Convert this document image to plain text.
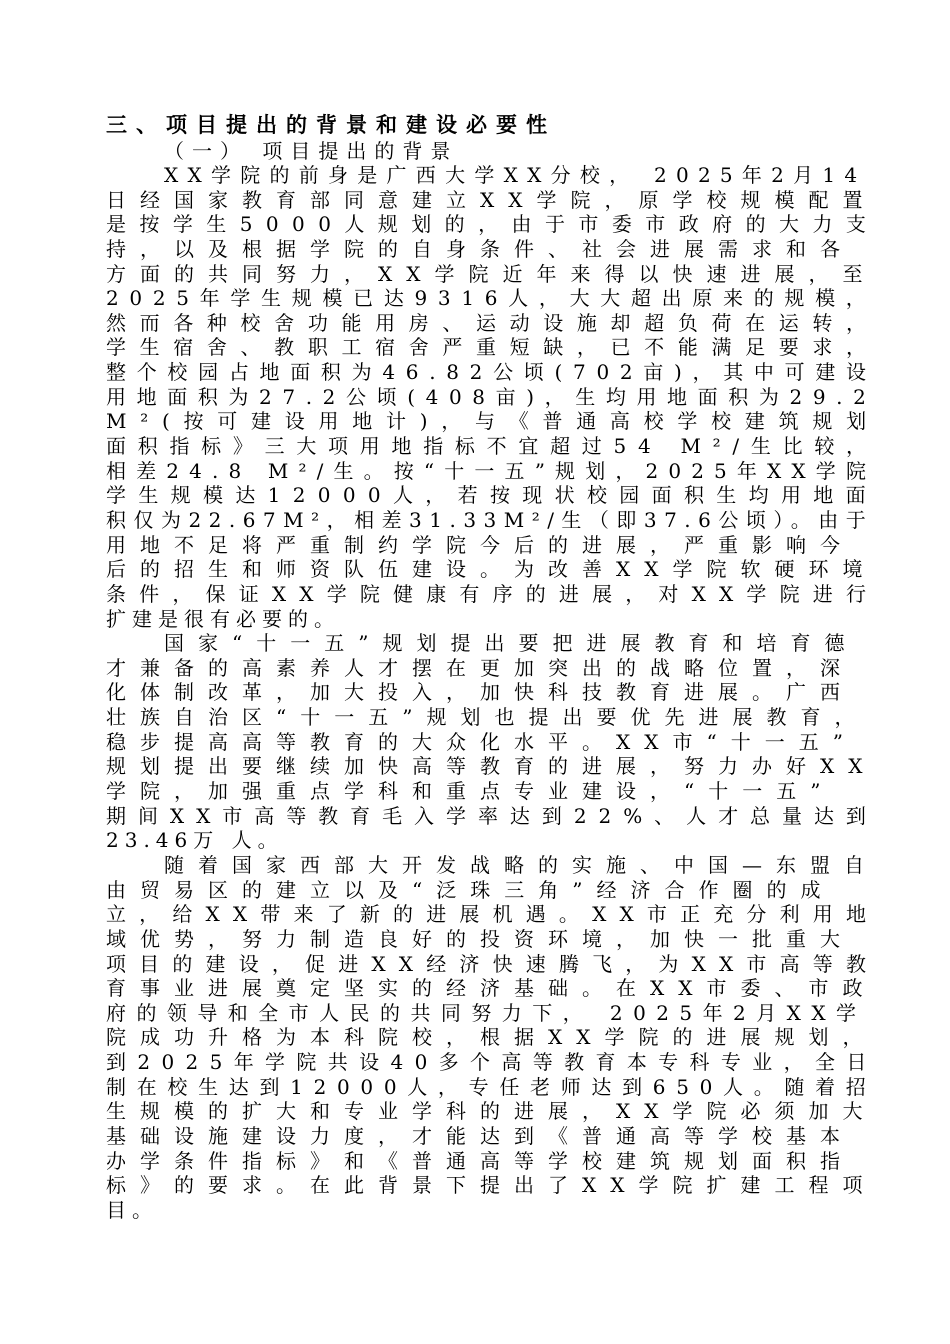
三、项目提出的背景和建设必要性
（一） 项目提出的背景
XX学院的前身是广西大学XX分校， 2025年2月14
日经国家教育部同意建立XX学院，原学校规模配置
是按学生5000人规划的，由于市委市政府的大力支
持，以及根据学院的自身条件、社会进展需求和各
方面的共同努力，XX学院近年来得以快速进展，至
2025年学生规模已达9316人，大大超出原来的规模，
然而各种校舍功能用房、运动设施却超负荷在运转，
学生宿舍、教职工宿舍严重短缺，已不能满足要求，
整个校园占地面积为46.82公顷(702亩)，其中可建设
用地面积为27.2公顷(408亩)，生均用地面积为29.2
M²(按可建设用地计)，与《普通高校学校建筑规划
面积指标》三大项用地指标不宜超过54 M²/生比较，
相差24.8 M²/生。按“十一五”规划，2025年XX学院
学生规模达12000人，若按现状校园面积生均用地面
积仅为22.67M²，相差31.33M²/生（即37.6公顷）。由于
用地不足将严重制约学院今后的进展，严重影响今
后的招生和师资队伍建设。为改善XX学院软硬环境
条件，保证XX学院健康有序的进展，对XX学院进行
扩建是很有必要的。
国家“十一五”规划提出要把进展教育和培育德
才兼备的高素养人才摆在更加突出的战略位置，深
化体制改革，加大投入，加快科技教育进展。广西
壮族自治区“十一五”规划也提出要优先进展教育，
稳步提高高等教育的大众化水平。XX市“十一五”
规划提出要继续加快高等教育的进展，努力办好XX
学院，加强重点学科和重点专业建设，“十一五”
期间XX市高等教育毛入学率达到22%、人才总量达到
23.46万 人。
随着国家西部大开发战略的实施、中国—东盟自
由贸易区的建立以及“泛珠三角”经济合作圈的成
立，给XX带来了新的进展机遇。XX市正充分利用地
域优势，努力制造良好的投资环境，加快一批重大
项目的建设，促进XX经济快速腾飞，为XX市高等教
育事业进展奠定坚实的经济基础。在XX市委、市政
府的领导和全市人民的共同努力下， 2025年2月XX学
院成功升格为本科院校，根据XX学院的进展规划，
到2025年学院共设40多个高等教育本专科专业，全日
制在校生达到12000人，专任老师达到650人。随着招
生规模的扩大和专业学科的进展，XX学院必须加大
基础设施建设力度，才能达到《普通高等学校基本
办学条件指标》和《普通高等学校建筑规划面积指
标》的要求。在此背景下提出了XX学院扩建工程项
目。
